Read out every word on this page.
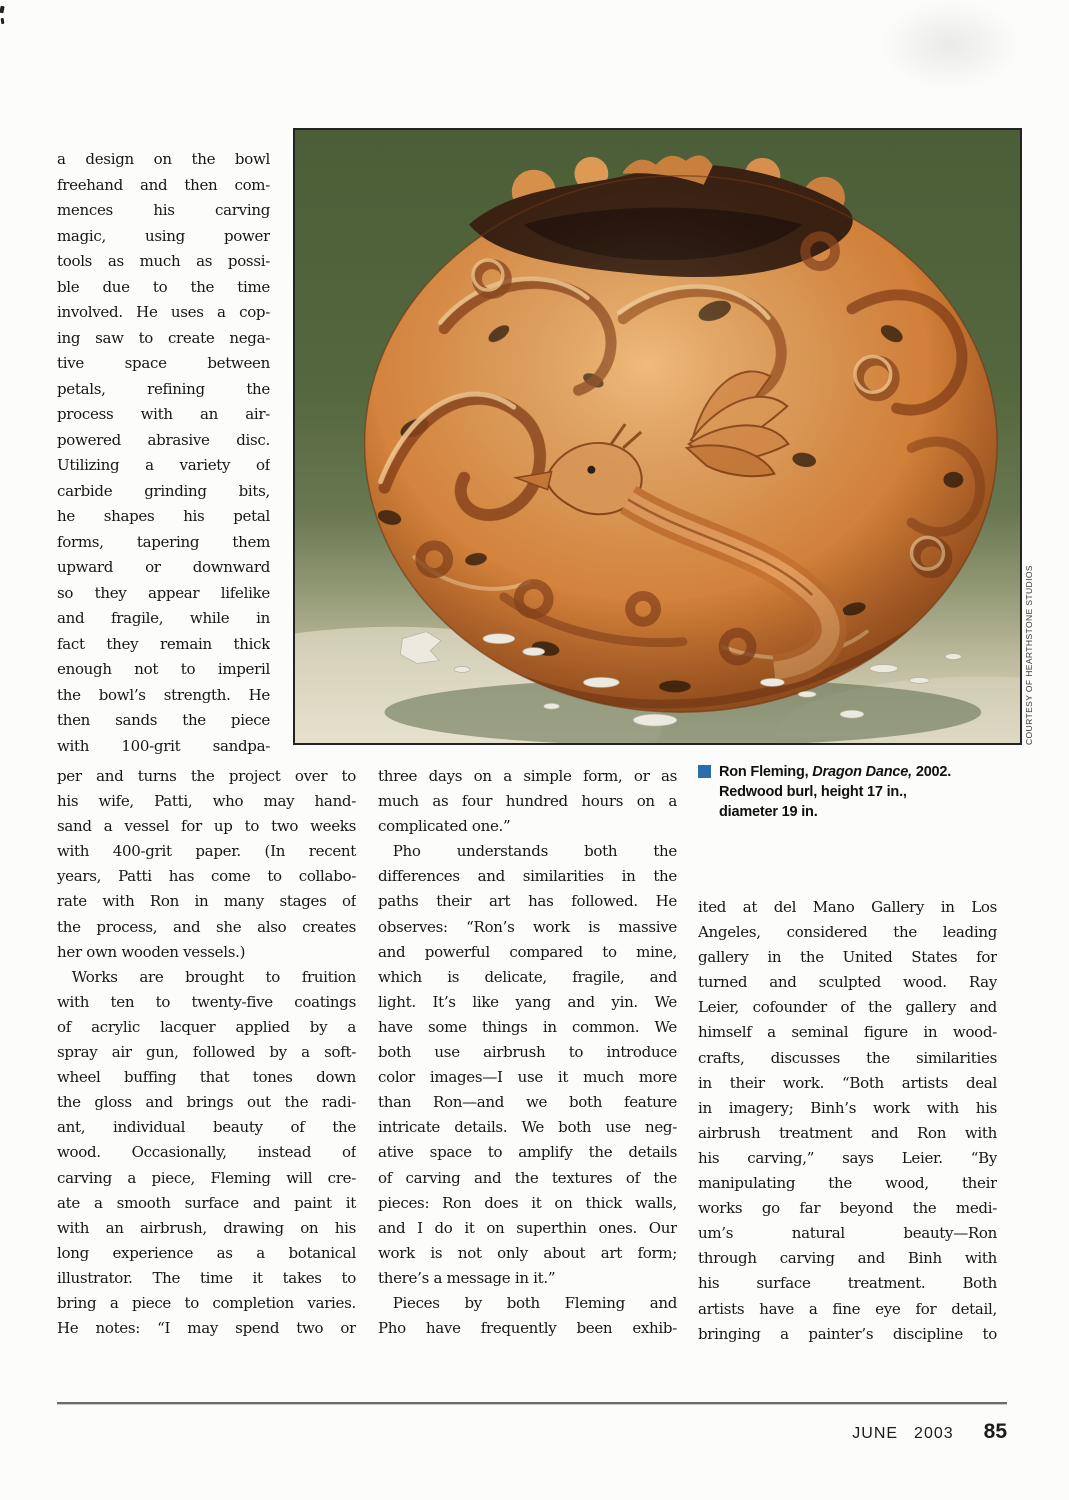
COURTESY OF HEARTHSTONE STUDIOS
a design on the bowl
freehand and then com-
mences his carving
magic, using power
tools as much as possi-
ble due to the time
involved. He uses a cop-
ing saw to create nega-
tive space between
petals, refining the
process with an air-
powered abrasive disc.
Utilizing a variety of
carbide grinding bits,
he shapes his petal
forms, tapering them
upward or downward
so they appear lifelike
and fragile, while in
fact they remain thick
enough not to imperil
the bowl’s strength. He
then sands the piece
with 100-grit sandpa-
per and turns the project over to
his wife, Patti, who may hand-
sand a vessel for up to two weeks
with 400-grit paper. (In recent
years, Patti has come to collabo-
rate with Ron in many stages of
the process, and she also creates
her own wooden vessels.)
 Works are brought to fruition
with ten to twenty-five coatings
of acrylic lacquer applied by a
spray air gun, followed by a soft-
wheel buffing that tones down
the gloss and brings out the radi-
ant, individual beauty of the
wood. Occasionally, instead of
carving a piece, Fleming will cre-
ate a smooth surface and paint it
with an airbrush, drawing on his
long experience as a botanical
illustrator. The time it takes to
bring a piece to completion varies.
He notes: “I may spend two or
three days on a simple form, or as
much as four hundred hours on a
complicated one.”
 Pho understands both the
differences and similarities in the
paths their art has followed. He
observes: “Ron’s work is massive
and powerful compared to mine,
which is delicate, fragile, and
light. It’s like yang and yin. We
have some things in common. We
both use airbrush to introduce
color images—I use it much more
than Ron—and we both feature
intricate details. We both use neg-
ative space to amplify the details
of carving and the textures of the
pieces: Ron does it on thick walls,
and I do it on superthin ones. Our
work is not only about art form;
there’s a message in it.”
 Pieces by both Fleming and
Pho have frequently been exhib-
Ron Fleming, Dragon Dance, 2002. Redwood burl, height 17 in., diameter 19 in.
ited at del Mano Gallery in Los
Angeles, considered the leading
gallery in the United States for
turned and sculpted wood. Ray
Leier, cofounder of the gallery and
himself a seminal figure in wood-
crafts, discusses the similarities
in their work. “Both artists deal
in imagery; Binh’s work with his
airbrush treatment and Ron with
his carving,” says Leier. “By
manipulating the wood, their
works go far beyond the medi-
um’s natural beauty—Ron
through carving and Binh with
his surface treatment. Both
artists have a fine eye for detail,
bringing a painter’s discipline to
JUNE 2003 85
